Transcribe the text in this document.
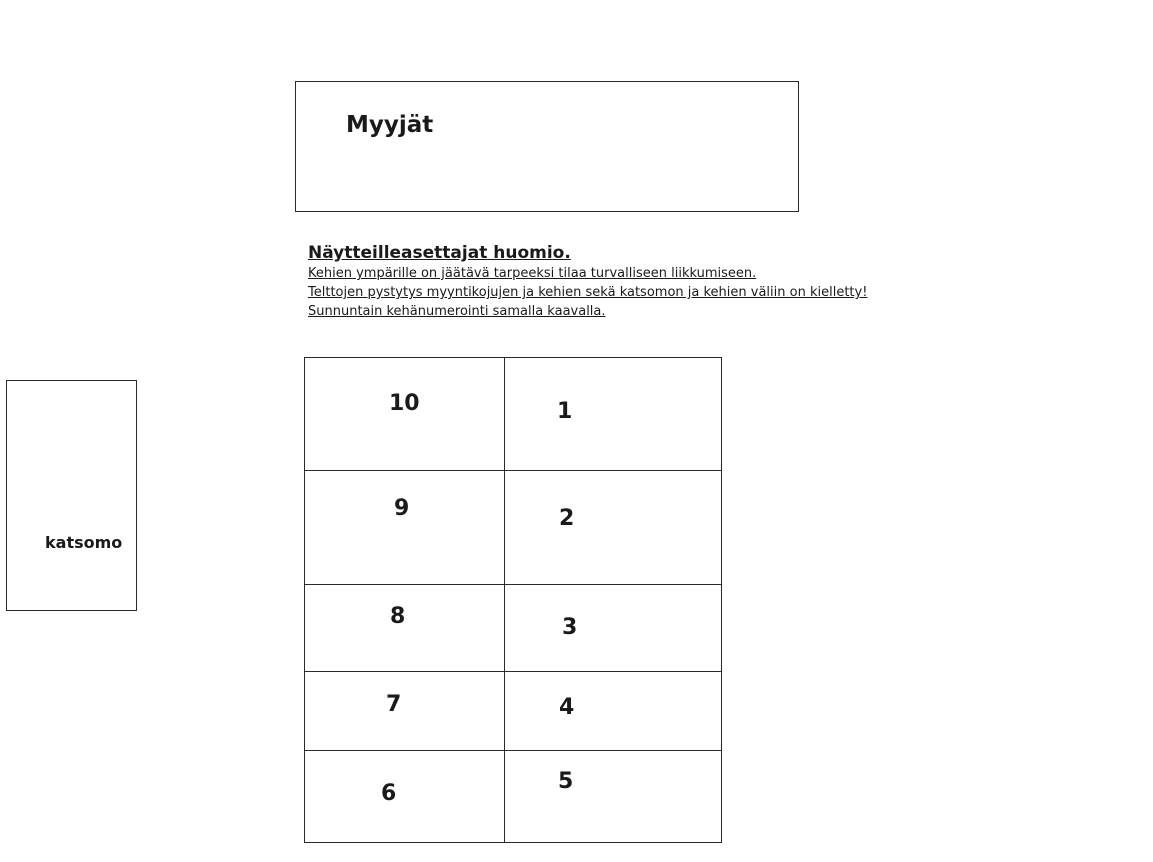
Myyjät
Näytteilleasettajat huomio.
Kehien ympärille on jäätävä tarpeeksi tilaa turvalliseen liikkumiseen.
Telttojen pystytys myyntikojujen ja kehien sekä katsomon ja kehien väliin on kielletty!
Sunnuntain kehänumerointi samalla kaavalla.
katsomo
10
9
8
7
6
1
2
3
4
5
